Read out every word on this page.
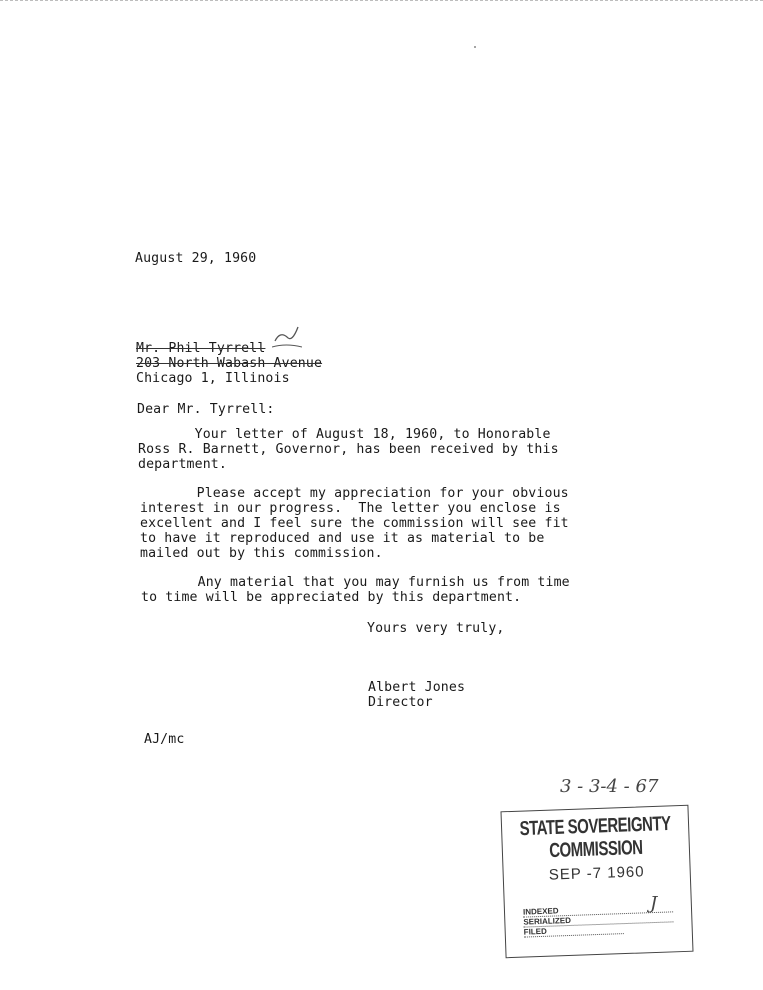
August 29, 1960
Mr. Phil Tyrrell
203 North Wabash Avenue
Chicago 1, Illinois
Dear Mr. Tyrrell:
Your letter of August 18, 1960, to Honorable
Ross R. Barnett, Governor, has been received by this
department.
Please accept my appreciation for your obvious
interest in our progress.  The letter you enclose is
excellent and I feel sure the commission will see fit
to have it reproduced and use it as material to be
mailed out by this commission.
Any material that you may furnish us from time
to time will be appreciated by this department.
Yours very truly,
Albert Jones
Director
AJ/mc
3 - 3-4 - 67
STATE SOVEREIGNTY COMMISSION
SEP -7 1960
INDEXED
SERIALIZED
FILED
J
